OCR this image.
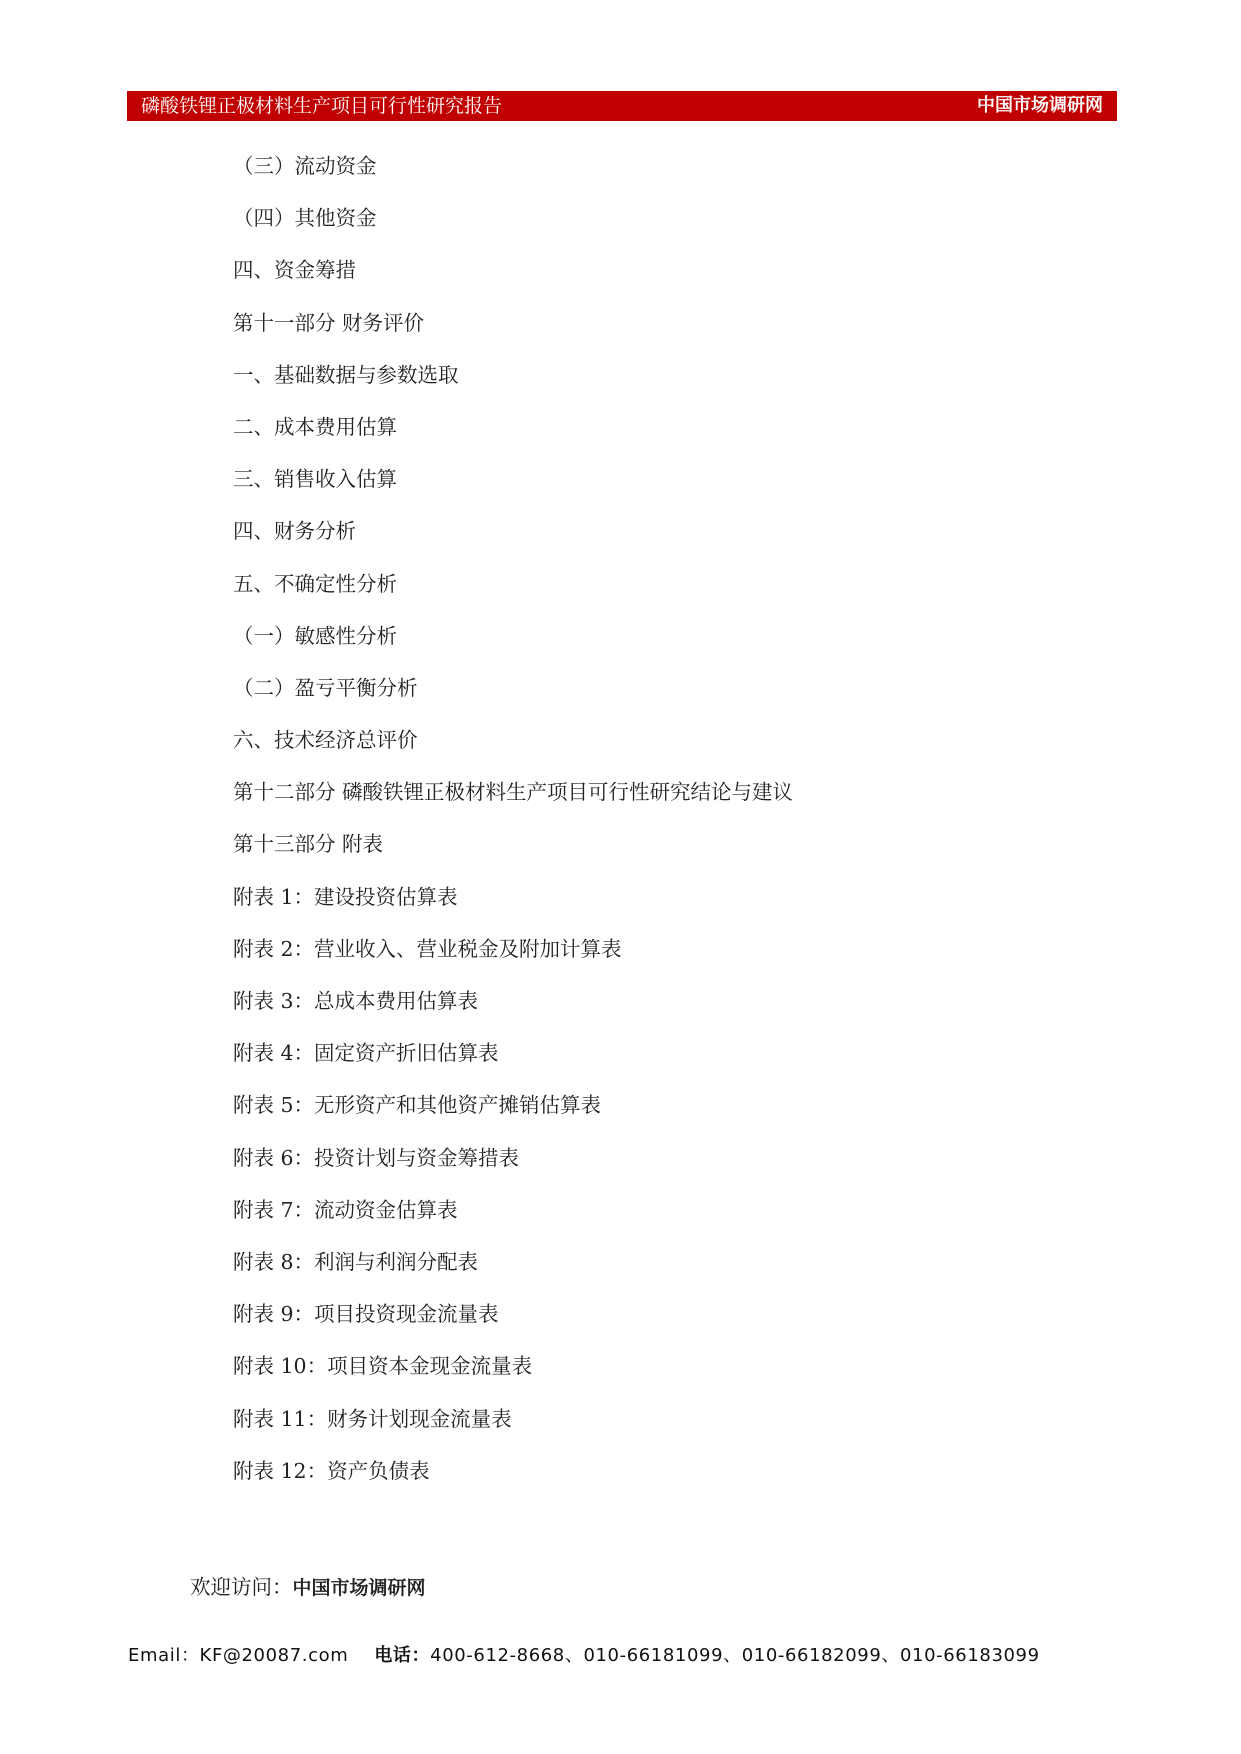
磷酸铁锂正极材料生产项目可行性研究报告	中国市场调研网
（三）流动资金
（四）其他资金
四、资金筹措
第十一部分 财务评价
一、基础数据与参数选取
二、成本费用估算
三、销售收入估算
四、财务分析
五、不确定性分析
（一）敏感性分析
（二）盈亏平衡分析
六、技术经济总评价
第十二部分 磷酸铁锂正极材料生产项目可行性研究结论与建议
第十三部分 附表
附表 1：建设投资估算表
附表 2：营业收入、营业税金及附加计算表
附表 3：总成本费用估算表
附表 4：固定资产折旧估算表
附表 5：无形资产和其他资产摊销估算表
附表 6：投资计划与资金筹措表
附表 7：流动资金估算表
附表 8：利润与利润分配表
附表 9：项目投资现金流量表
附表 10：项目资本金现金流量表
附表 11：财务计划现金流量表
附表 12：资产负债表
欢迎访问：中国市场调研网
Email：KF@20087.com 电话：400-612-8668、010-66181099、010-66182099、010-66183099
